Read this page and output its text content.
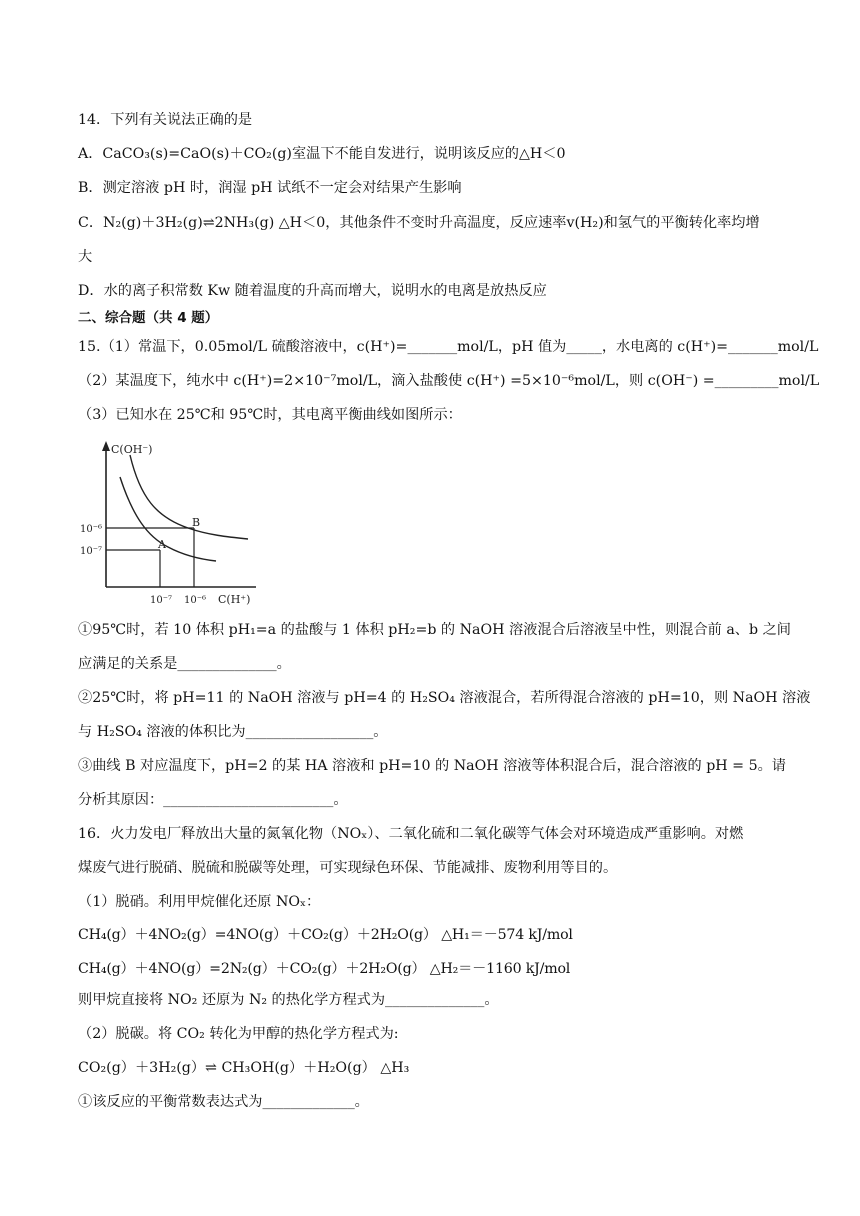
14．下列有关说法正确的是
A．CaCO₃(s)=CaO(s)＋CO₂(g)室温下不能自发进行，说明该反应的△H＜0
B．测定溶液 pH 时，润湿 pH 试纸不一定会对结果产生影响
C．N₂(g)＋3H₂(g)⇌2NH₃(g) △H＜0，其他条件不变时升高温度，反应速率v(H₂)和氢气的平衡转化率均增
大
D．水的离子积常数 Kw 随着温度的升高而增大，说明水的电离是放热反应
二、综合题（共 4 题）
15.（1）常温下，0.05mol/L 硫酸溶液中，c(H⁺)=_______mol/L，pH 值为_____，水电离的 c(H⁺)=_______mol/L
（2）某温度下，纯水中 c(H⁺)=2×10⁻⁷mol/L，滴入盐酸使 c(H⁺) =5×10⁻⁶mol/L，则 c(OH⁻) =_________mol/L
（3）已知水在 25℃和 95℃时，其电离平衡曲线如图所示：
C(OH⁻)
C(H⁺)
10⁻⁶
10⁻⁷
10⁻⁷ 10⁻⁶
A
B
①95℃时，若 10 体积 pH₁=a 的盐酸与 1 体积 pH₂=b 的 NaOH 溶液混合后溶液呈中性，则混合前 a、b 之间
应满足的关系是______________。
②25℃时，将 pH=11 的 NaOH 溶液与 pH=4 的 H₂SO₄ 溶液混合，若所得混合溶液的 pH=10，则 NaOH 溶液
与 H₂SO₄ 溶液的体积比为__________________。
③曲线 B 对应温度下，pH=2 的某 HA 溶液和 pH=10 的 NaOH 溶液等体积混合后，混合溶液的 pH = 5。请
分析其原因：________________________。
16．火力发电厂释放出大量的氮氧化物（NOₓ）、二氧化硫和二氧化碳等气体会对环境造成严重影响。对燃
煤废气进行脱硝、脱硫和脱碳等处理，可实现绿色环保、节能减排、废物利用等目的。
（1）脱硝。利用甲烷催化还原 NOₓ：
CH₄(g）＋4NO₂(g）=4NO(g）＋CO₂(g）＋2H₂O(g） △H₁＝－574 kJ/mol
CH₄(g）＋4NO(g）=2N₂(g）＋CO₂(g）＋2H₂O(g） △H₂＝－1160 kJ/mol
则甲烷直接将 NO₂ 还原为 N₂ 的热化学方程式为______________。
（2）脱碳。将 CO₂ 转化为甲醇的热化学方程式为:
CO₂(g）＋3H₂(g）⇌ CH₃OH(g）＋H₂O(g） △H₃
①该反应的平衡常数表达式为_____________。
